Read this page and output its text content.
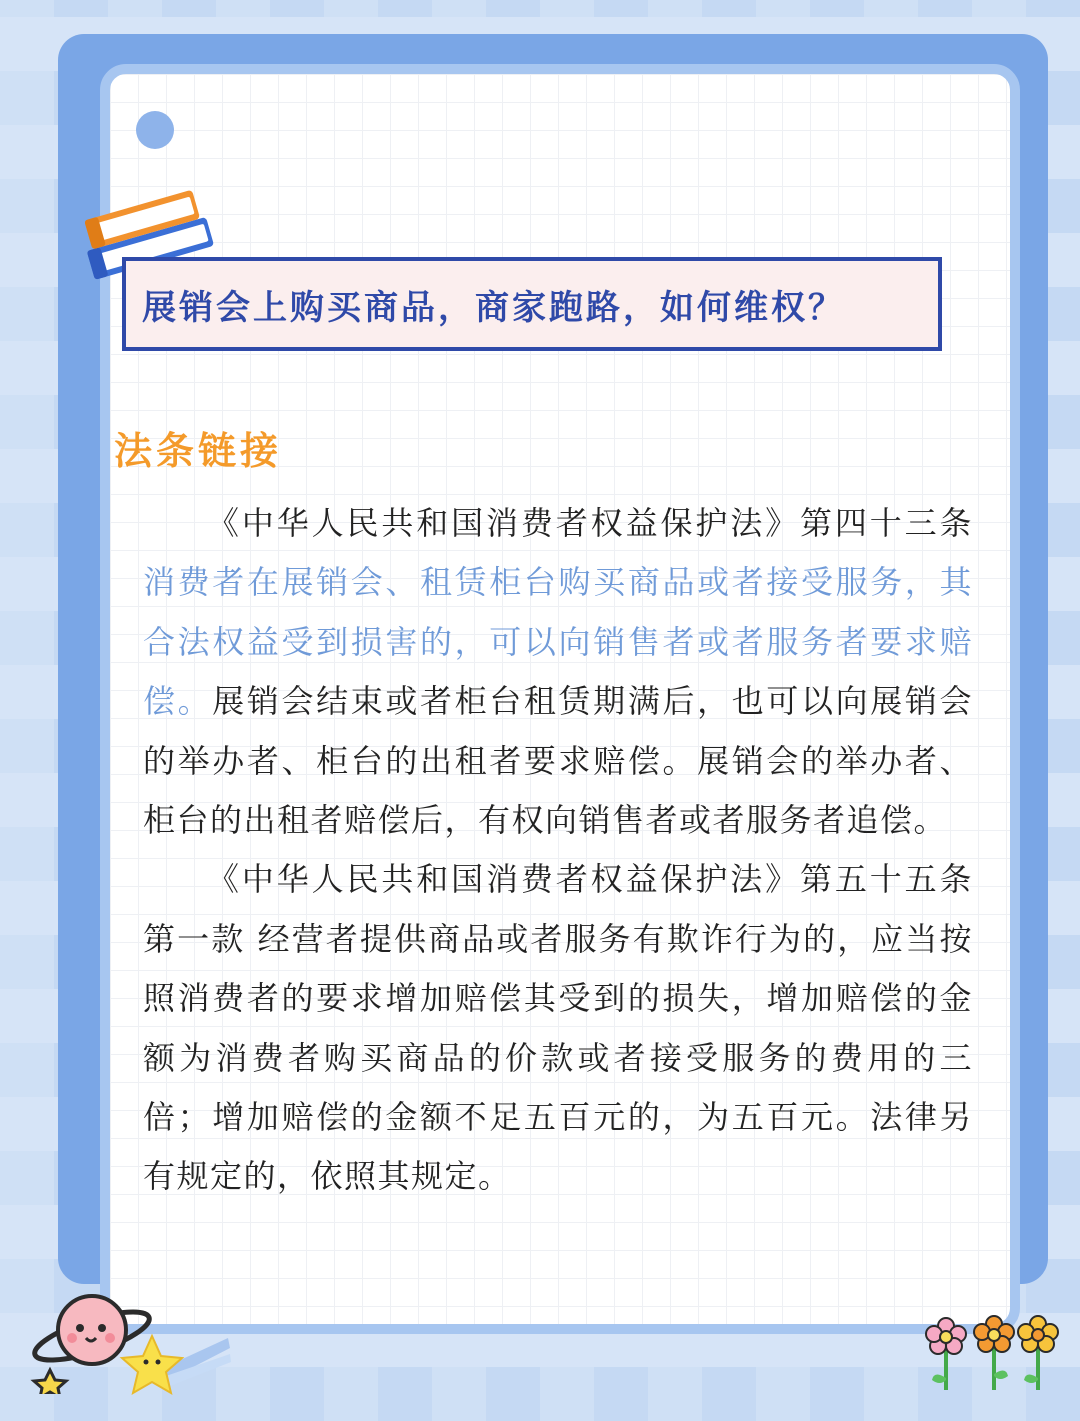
展销会上购买商品，商家跑路，如何维权？
法条链接

《中华人民共和国消费者权益保护法》第四十三条　消费者在展销会、租赁柜台购买商品或者接受服务，其合法权益受到损害的，可以向销售者或者服务者要求赔偿。展销会结束或者柜台租赁期满后，也可以向展销会的举办者、柜台的出租者要求赔偿。展销会的举办者、柜台的出租者赔偿后，有权向销售者或者服务者追偿。

《中华人民共和国消费者权益保护法》第五十五条第一款 经营者提供商品或者服务有欺诈行为的，应当按照消费者的要求增加赔偿其受到的损失，增加赔偿的金额为消费者购买商品的价款或者接受服务的费用的三倍；增加赔偿的金额不足五百元的，为五百元。法律另有规定的，依照其规定。
